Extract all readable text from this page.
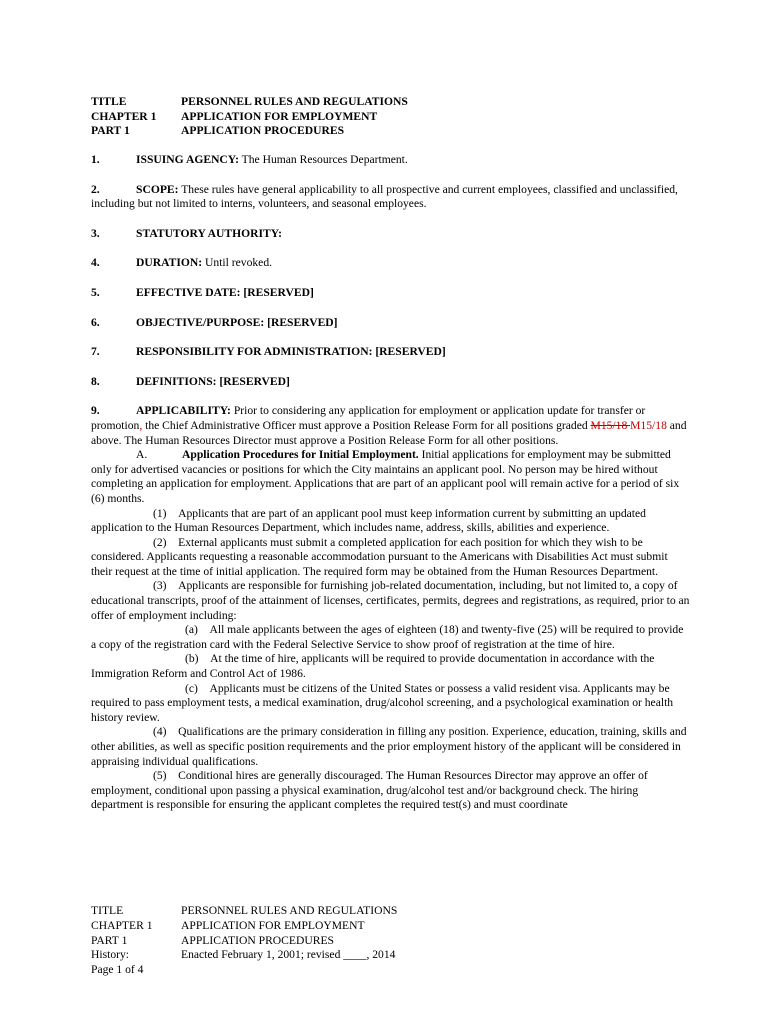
TITLE	PERSONNEL RULES AND REGULATIONS
CHAPTER 1	APPLICATION FOR EMPLOYMENT
PART 1	APPLICATION PROCEDURES

1.	ISSUING AGENCY: The Human Resources Department.

2.	SCOPE: These rules have general applicability to all prospective and current employees, classified and unclassified, including but not limited to interns, volunteers, and seasonal employees.

3.	STATUTORY AUTHORITY:

4.	DURATION: Until revoked.

5.	EFFECTIVE DATE: [RESERVED]

6.	OBJECTIVE/PURPOSE: [RESERVED]

7.	RESPONSIBILITY FOR ADMINISTRATION: [RESERVED]

8.	DEFINITIONS: [RESERVED]

9.	APPLICABILITY: Prior to considering any application for employment or application update for transfer or promotion, the Chief Administrative Officer must approve a Position Release Form for all positions graded M15/18 M15/18 and above. The Human Resources Director must approve a Position Release Form for all other positions.

A.	Application Procedures for Initial Employment. Initial applications for employment may be submitted only for advertised vacancies or positions for which the City maintains an applicant pool. No person may be hired without completing an application for employment. Applications that are part of an applicant pool will remain active for a period of six (6) months.

(1) Applicants that are part of an applicant pool must keep information current by submitting an updated application to the Human Resources Department, which includes name, address, skills, abilities and experience.

(2) External applicants must submit a completed application for each position for which they wish to be considered. Applicants requesting a reasonable accommodation pursuant to the Americans with Disabilities Act must submit their request at the time of initial application. The required form may be obtained from the Human Resources Department.

(3) Applicants are responsible for furnishing job-related documentation, including, but not limited to, a copy of educational transcripts, proof of the attainment of licenses, certificates, permits, degrees and registrations, as required, prior to an offer of employment including:

(a) All male applicants between the ages of eighteen (18) and twenty-five (25) will be required to provide a copy of the registration card with the Federal Selective Service to show proof of registration at the time of hire.

(b) At the time of hire, applicants will be required to provide documentation in accordance with the Immigration Reform and Control Act of 1986.

(c) Applicants must be citizens of the United States or possess a valid resident visa. Applicants may be required to pass employment tests, a medical examination, drug/alcohol screening, and a psychological examination or health history review.

(4) Qualifications are the primary consideration in filling any position. Experience, education, training, skills and other abilities, as well as specific position requirements and the prior employment history of the applicant will be considered in appraising individual qualifications.

(5) Conditional hires are generally discouraged. The Human Resources Director may approve an offer of employment, conditional upon passing a physical examination, drug/alcohol test and/or background check. The hiring department is responsible for ensuring the applicant completes the required test(s) and must coordinate

TITLE	PERSONNEL RULES AND REGULATIONS
CHAPTER 1	APPLICATION FOR EMPLOYMENT
PART 1	APPLICATION PROCEDURES
History:	Enacted February 1, 2001; revised ____, 2014
Page 1 of 4
